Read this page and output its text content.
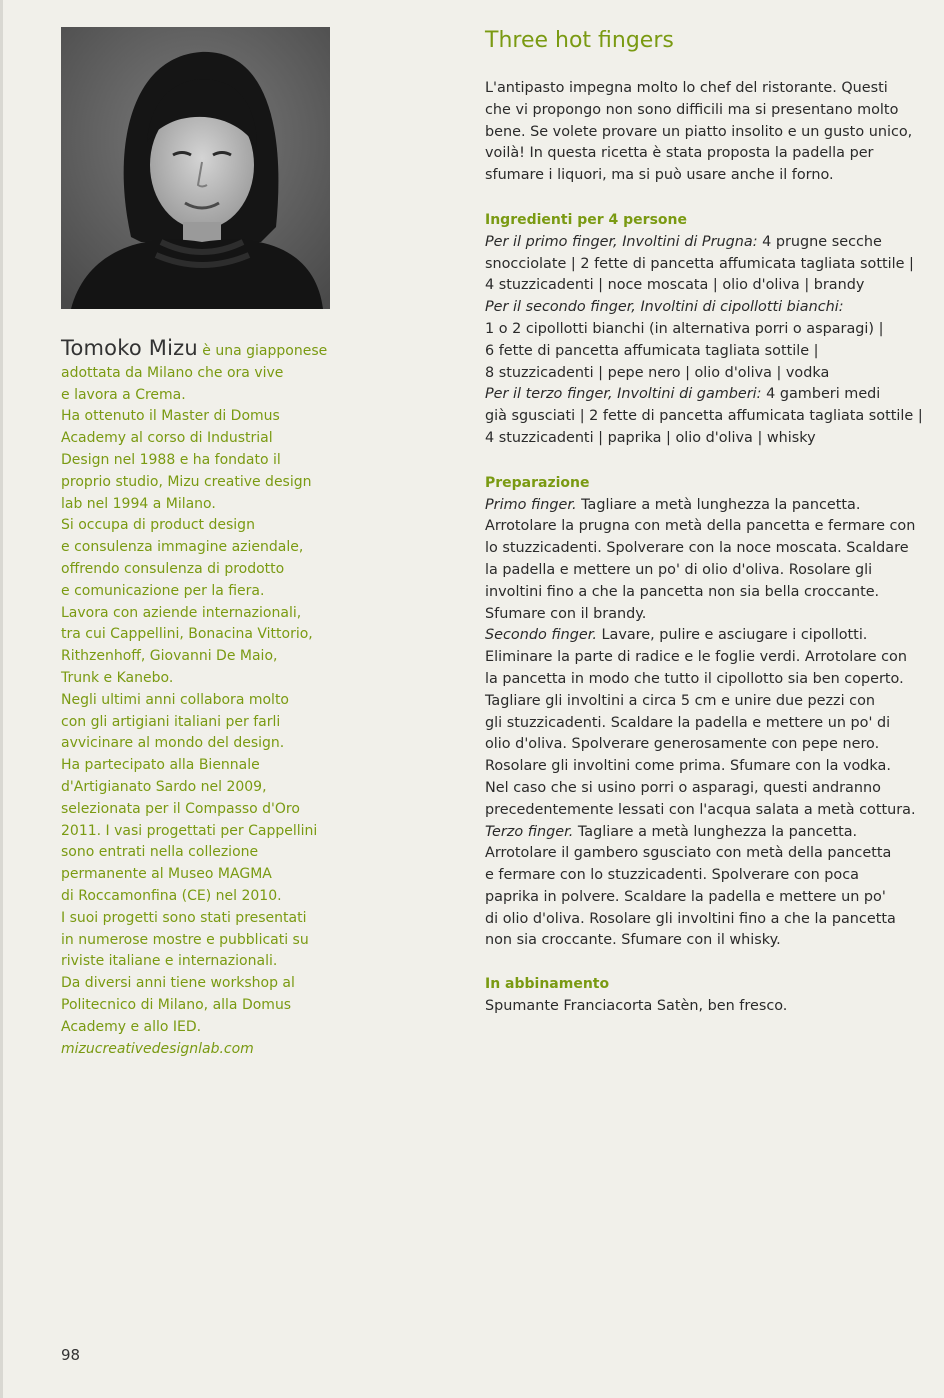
Tomoko Mizu è una giapponese

adottata da Milano che ora vive

e lavora a Crema.

Ha ottenuto il Master di Domus

Academy al corso di Industrial

Design nel 1988 e ha fondato il

proprio studio, Mizu creative design

lab nel 1994 a Milano.

Si occupa di product design

e consulenza immagine aziendale,

offrendo consulenza di prodotto

e comunicazione per la fiera.

Lavora con aziende internazionali,

tra cui Cappellini, Bonacina Vittorio,

Rithzenhoff, Giovanni De Maio,

Trunk e Kanebo.

Negli ultimi anni collabora molto

con gli artigiani italiani per farli

avvicinare al mondo del design.

Ha partecipato alla Biennale

d'Artigianato Sardo nel 2009,

selezionata per il Compasso d'Oro

2011. I vasi progettati per Cappellini

sono entrati nella collezione

permanente al Museo MAGMA

di Roccamonfina (CE) nel 2010.

I suoi progetti sono stati presentati

in numerose mostre e pubblicati su

riviste italiane e internazionali.

Da diversi anni tiene workshop al

Politecnico di Milano, alla Domus

Academy e allo IED.

mizucreativedesignlab.com

Three hot fingers

L'antipasto impegna molto lo chef del ristorante. Questi

che vi propongo non sono difficili ma si presentano molto

bene. Se volete provare un piatto insolito e un gusto unico,

voilà! In questa ricetta è stata proposta la padella per

sfumare i liquori, ma si può usare anche il forno.

Ingredienti per 4 persone

Per il primo finger, Involtini di Prugna: 4 prugne secche

snocciolate | 2 fette di pancetta affumicata tagliata sottile |

4 stuzzicadenti | noce moscata | olio d'oliva | brandy

Per il secondo finger, Involtini di cipollotti bianchi:

1 o 2 cipollotti bianchi (in alternativa porri o asparagi) |

6 fette di pancetta affumicata tagliata sottile |

8 stuzzicadenti | pepe nero | olio d'oliva | vodka

Per il terzo finger, Involtini di gamberi: 4 gamberi medi

già sgusciati | 2 fette di pancetta affumicata tagliata sottile |

4 stuzzicadenti | paprika | olio d'oliva | whisky

Preparazione

Primo finger. Tagliare a metà lunghezza la pancetta.

Arrotolare la prugna con metà della pancetta e fermare con

lo stuzzicadenti. Spolverare con la noce moscata. Scaldare

la padella e mettere un po' di olio d'oliva. Rosolare gli

involtini fino a che la pancetta non sia bella croccante.

Sfumare con il brandy.

Secondo finger. Lavare, pulire e asciugare i cipollotti.

Eliminare la parte di radice e le foglie verdi. Arrotolare con

la pancetta in modo che tutto il cipollotto sia ben coperto.

Tagliare gli involtini a circa 5 cm e unire due pezzi con

gli stuzzicadenti. Scaldare la padella e mettere un po' di

olio d'oliva. Spolverare generosamente con pepe nero.

Rosolare gli involtini come prima. Sfumare con la vodka.

Nel caso che si usino porri o asparagi, questi andranno

precedentemente lessati con l'acqua salata a metà cottura.

Terzo finger. Tagliare a metà lunghezza la pancetta.

Arrotolare il gambero sgusciato con metà della pancetta

e fermare con lo stuzzicadenti. Spolverare con poca

paprika in polvere. Scaldare la padella e mettere un po'

di olio d'oliva. Rosolare gli involtini fino a che la pancetta

non sia croccante. Sfumare con il whisky.

In abbinamento

Spumante Franciacorta Satèn, ben fresco.

98
